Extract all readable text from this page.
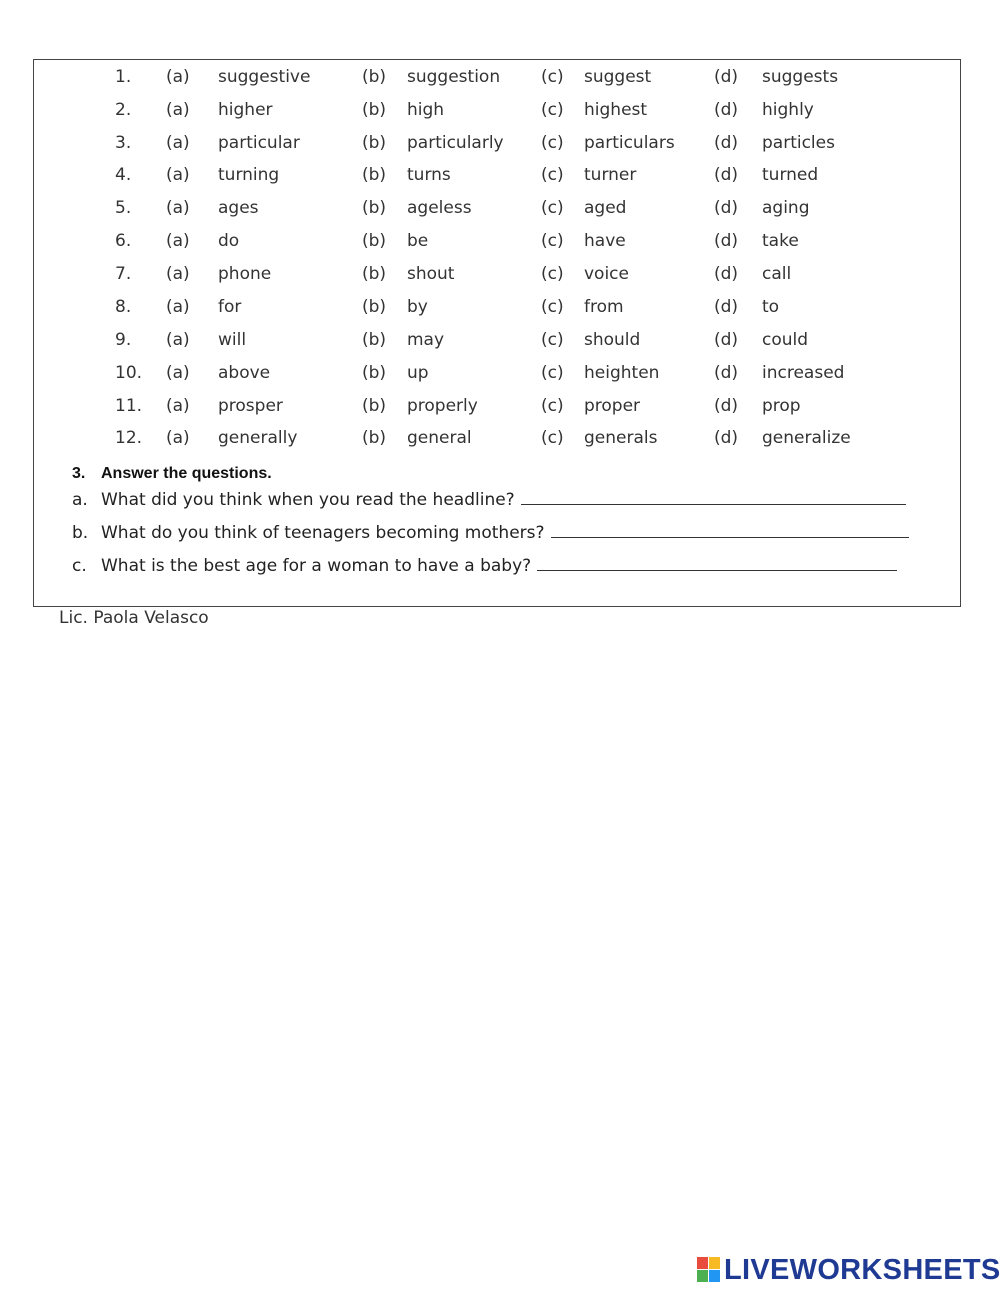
1. (a) suggestive	(b) suggestion (c) suggest	(d) suggests
2. (a) higher	(b) high	(c) highest	(d) highly
3. (a) particular	(b) particularly (c) particulars (d) particles
4. (a) turning	(b) turns	(c) turner	(d) turned
5. (a) ages	(b) ageless	(c) aged	(d) aging
6. (a) do	(b) be	(c) have	(d) take
7. (a) phone	(b) shout	(c) voice	(d) call
8. (a) for	(b) by	(c) from	(d) to
9. (a) will	(b) may	(c) should	(d) could
10. (a) above	(b) up	(c) heighten	(d) increased
11. (a) prosper	(b) properly	(c) proper	(d) prop
12. (a) generally	(b) general	(c) generals	(d) generalize
3. Answer the questions.
a. What did you think when you read the headline?
b. What do you think of teenagers becoming mothers?
c. What is the best age for a woman to have a baby?
Lic. Paola Velasco
LIVEWORKSHEETS
